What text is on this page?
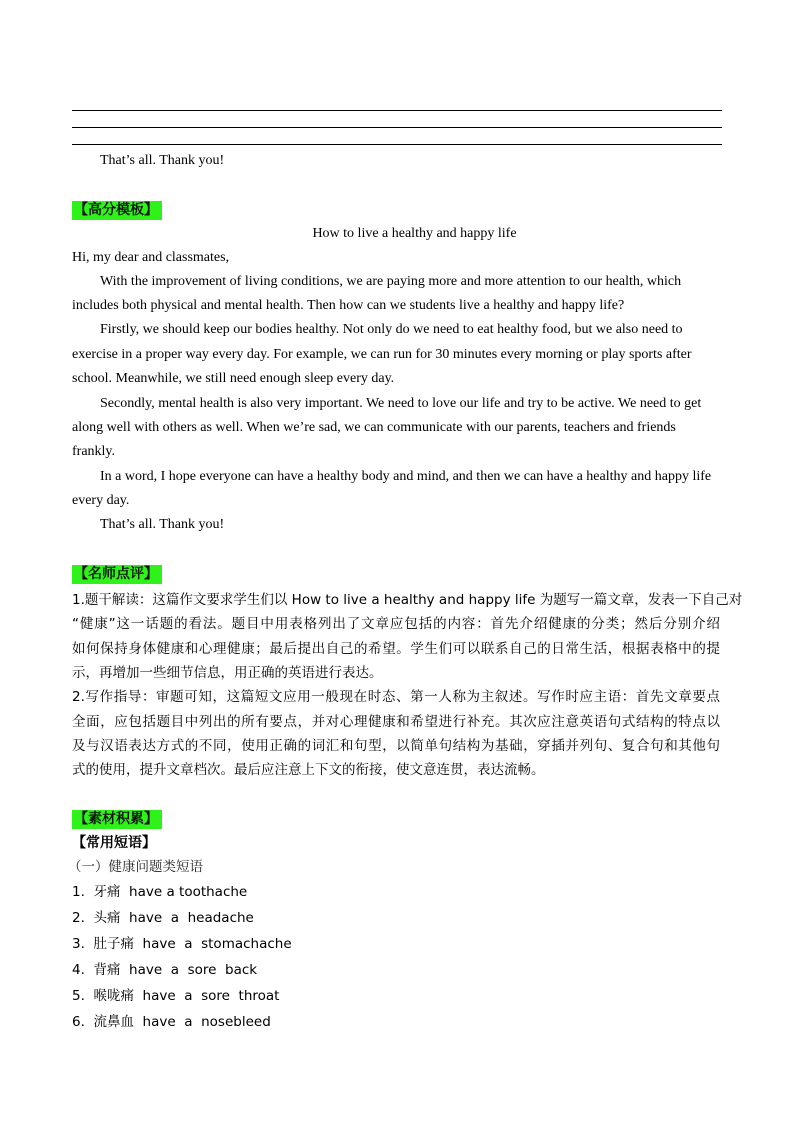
That’s all. Thank you!
【高分模板】
How to live a healthy and happy life
Hi, my dear and classmates,
With the improvement of living conditions, we are paying more and more attention to our health, which
includes both physical and mental health. Then how can we students live a healthy and happy life?
Firstly, we should keep our bodies healthy. Not only do we need to eat healthy food, but we also need to
exercise in a proper way every day. For example, we can run for 30 minutes every morning or play sports after
school. Meanwhile, we still need enough sleep every day.
Secondly, mental health is also very important. We need to love our life and try to be active. We need to get
along well with others as well. When we’re sad, we can communicate with our parents, teachers and friends
frankly.
In a word, I hope everyone can have a healthy body and mind, and then we can have a healthy and happy life
every day.
That’s all. Thank you!
【名师点评】
1.题干解读：这篇作文要求学生们以 How to live a healthy and happy life 为题写一篇文章，发表一下自己对
“健康”这一话题的看法。题目中用表格列出了文章应包括的内容：首先介绍健康的分类；然后分别介绍
如何保持身体健康和心理健康；最后提出自己的希望。学生们可以联系自己的日常生活，根据表格中的提
示，再增加一些细节信息，用正确的英语进行表达。
2.写作指导：审题可知，这篇短文应用一般现在时态、第一人称为主叙述。写作时应主语：首先文章要点
全面，应包括题目中列出的所有要点，并对心理健康和希望进行补充。其次应注意英语句式结构的特点以
及与汉语表达方式的不同，使用正确的词汇和句型，以简单句结构为基础，穿插并列句、复合句和其他句
式的使用，提升文章档次。最后应注意上下文的衔接，使文意连贯，表达流畅。
【素材积累】
【常用短语】
（一）健康问题类短语
1.  牙痛  have a toothache
2.  头痛  have  a  headache
3.  肚子痛  have  a  stomachache
4.  背痛  have  a  sore  back
5.  喉咙痛  have  a  sore  throat
6.  流鼻血  have  a  nosebleed
